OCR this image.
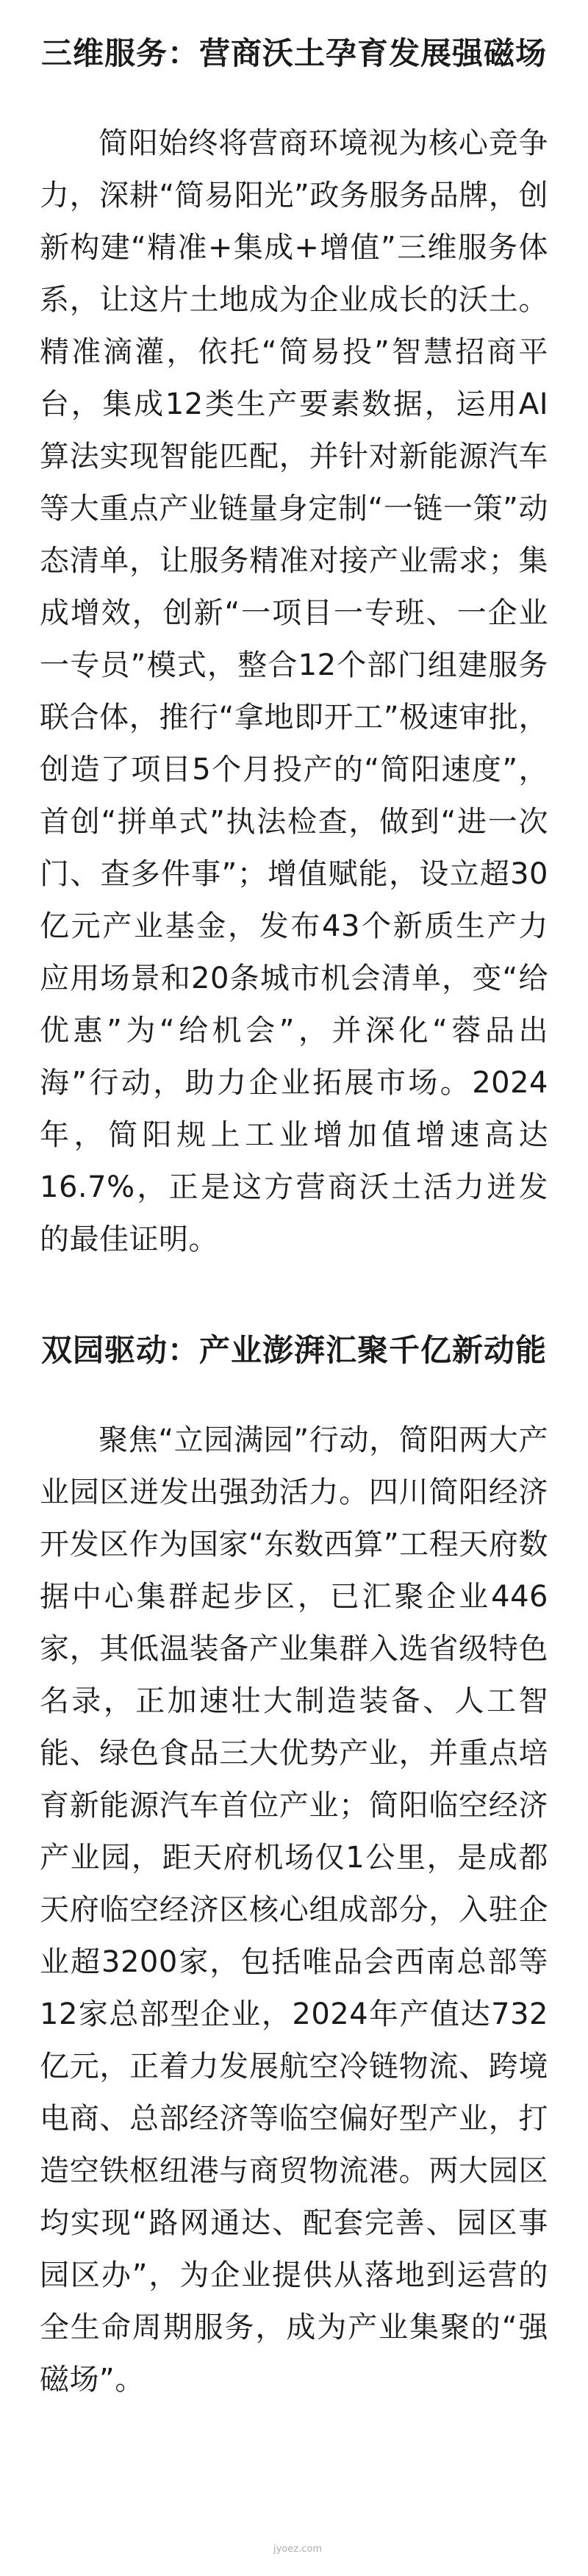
三维服务：营商沃土孕育发展强磁场

简阳始终将营商环境视为核心竞争力，深耕“简易阳光”政务服务品牌，创新构建“精准+集成+增值”三维服务体系，让这片土地成为企业成长的沃土。精准滴灌，依托“简易投”智慧招商平台，集成12类生产要素数据，运用AI算法实现智能匹配，并针对新能源汽车等大重点产业链量身定制“一链一策”动态清单，让服务精准对接产业需求；集成增效，创新“一项目一专班、一企业一专员”模式，整合12个部门组建服务联合体，推行“拿地即开工”极速审批，创造了项目5个月投产的“简阳速度”，首创“拼单式”执法检查，做到“进一次门、查多件事”；增值赋能，设立超30亿元产业基金，发布43个新质生产力应用场景和20条城市机会清单，变“给优惠”为“给机会”，并深化“蓉品出海”行动，助力企业拓展市场。2024年，简阳规上工业增加值增速高达16.7%，正是这方营商沃土活力迸发的最佳证明。

双园驱动：产业澎湃汇聚千亿新动能

聚焦“立园满园”行动，简阳两大产业园区迸发出强劲活力。四川简阳经济开发区作为国家“东数西算”工程天府数据中心集群起步区，已汇聚企业446家，其低温装备产业集群入选省级特色名录，正加速壮大制造装备、人工智能、绿色食品三大优势产业，并重点培育新能源汽车首位产业；简阳临空经济产业园，距天府机场仅1公里，是成都天府临空经济区核心组成部分，入驻企业超3200家，包括唯品会西南总部等12家总部型企业，2024年产值达732亿元，正着力发展航空冷链物流、跨境电商、总部经济等临空偏好型产业，打造空铁枢纽港与商贸物流港。两大园区均实现“路网通达、配套完善、园区事园区办”，为企业提供从落地到运营的全生命周期服务，成为产业集聚的“强磁场”。

jyoez.com
